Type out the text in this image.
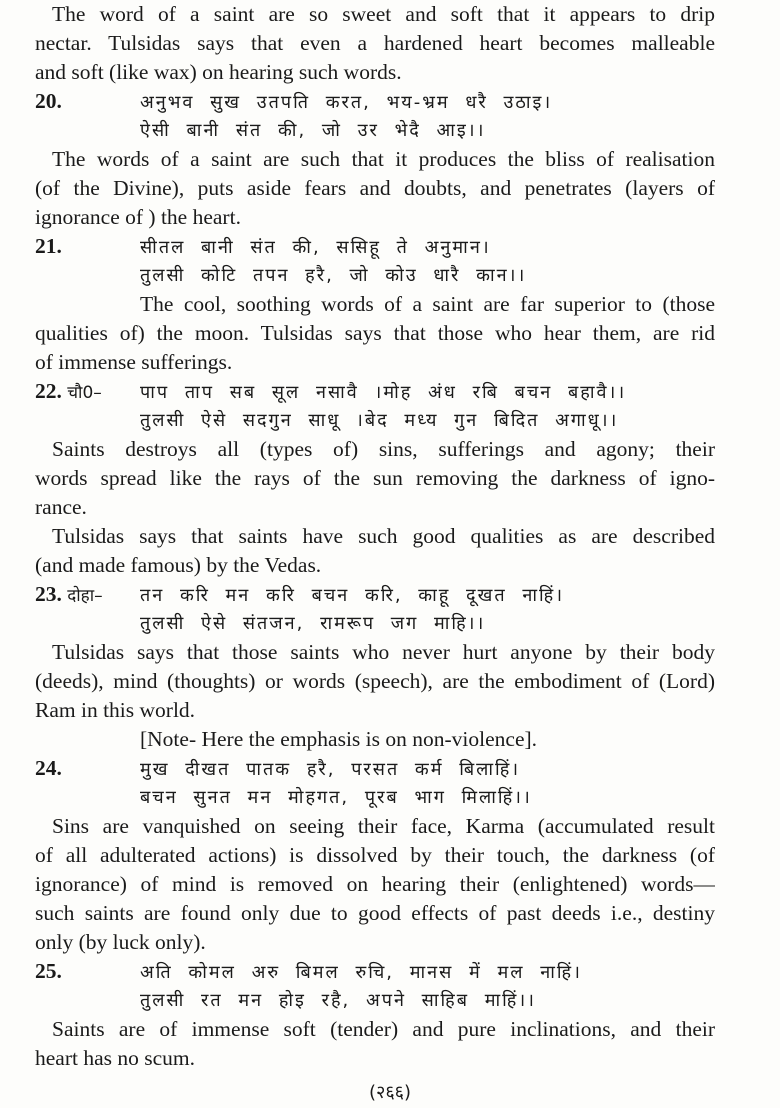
The word of a saint are so sweet and soft that it appears to drip
nectar. Tulsidas says that even a hardened heart becomes malleable
and soft (like wax) on hearing such words.
20.	अनुभव सुख उतपति करत, भय-भ्रम धरै उठाइ।
ऐसी बानी संत की, जो उर भेदै आइ।।
The words of a saint are such that it produces the bliss of realisation
(of the Divine), puts aside fears and doubts, and penetrates (layers of
ignorance of ) the heart.
21.	सीतल बानी संत की, ससिहू ते अनुमान।
तुलसी कोटि तपन हरै, जो कोउ धारै कान।।
The cool, soothing words of a saint are far superior to (those
qualities of) the moon. Tulsidas says that those who hear them, are rid
of immense sufferings.
22. चौ0– पाप ताप सब सूल नसावै ।मोह अंध रबि बचन बहावै।।
तुलसी ऐसे सदगुन साधू ।बेद मध्य गुन बिदित अगाधू।।
Saints destroys all (types of) sins, sufferings and agony; their
words spread like the rays of the sun removing the darkness of igno-
rance.
Tulsidas says that saints have such good qualities as are described
(and made famous) by the Vedas.
23. दोहा– तन करि मन करि बचन करि, काहू दूखत नाहिं।
तुलसी ऐसे संतजन, रामरूप जग माहि।।
Tulsidas says that those saints who never hurt anyone by their body
(deeds), mind (thoughts) or words (speech), are the embodiment of (Lord)
Ram in this world.
[Note- Here the emphasis is on non-violence].
24.	मुख दीखत पातक हरै, परसत कर्म बिलाहिं।
बचन सुनत मन मोहगत, पूरब भाग मिलाहिं।।
Sins are vanquished on seeing their face, Karma (accumulated result
of all adulterated actions) is dissolved by their touch, the darkness (of
ignorance) of mind is removed on hearing their (enlightened) words—
such saints are found only due to good effects of past deeds i.e., destiny
only (by luck only).
25.	अति कोमल अरु बिमल रुचि, मानस में मल नाहिं।
तुलसी रत मन होइ रहै, अपने साहिब माहिं।।
Saints are of immense soft (tender) and pure inclinations, and their
heart has no scum.
(२६६)
